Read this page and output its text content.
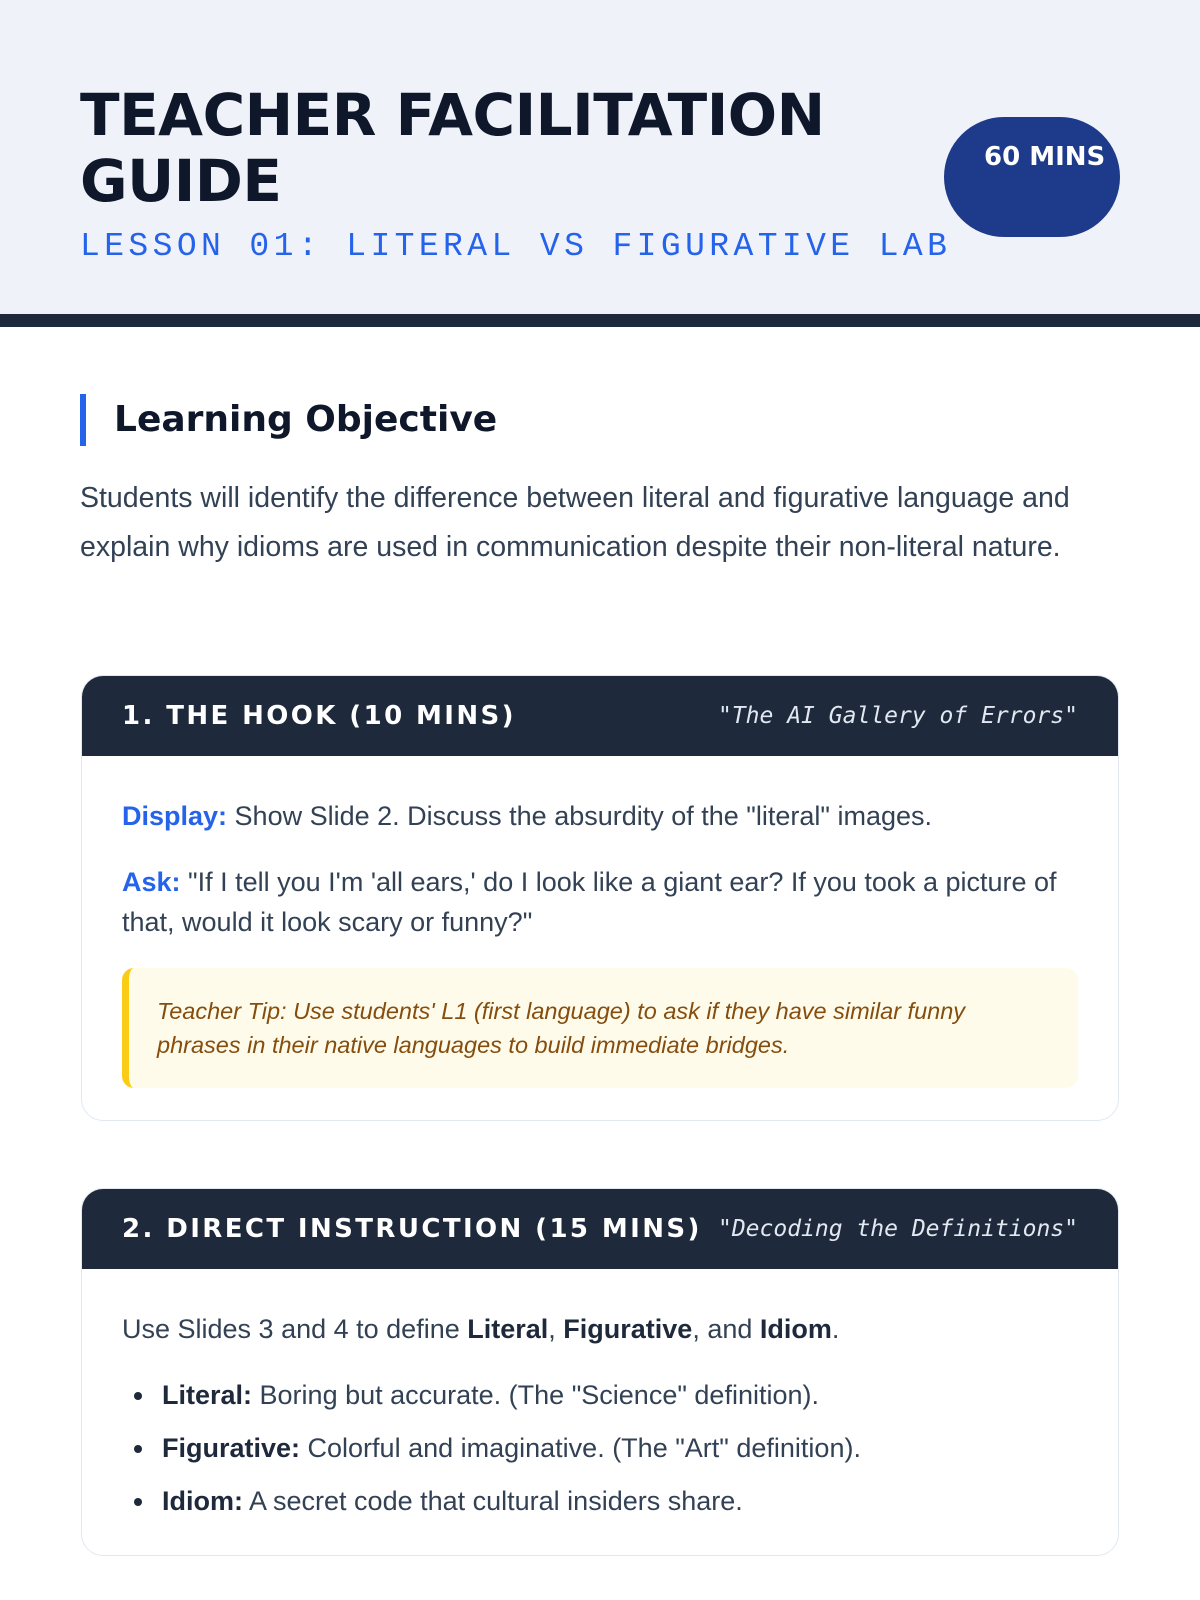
TEACHER FACILITATION GUIDE
LESSON 01: LITERAL VS FIGURATIVE LAB
60 MINS
Learning Objective

Students will identify the difference between literal and figurative language and explain why idioms are used in communication despite their non-literal nature.

1. THE HOOK (10 MINS)	"The AI Gallery of Errors"

Display: Show Slide 2. Discuss the absurdity of the "literal" images.

Ask: "If I tell you I'm 'all ears,' do I look like a giant ear? If you took a picture of that, would it look scary or funny?"

Teacher Tip: Use students' L1 (first language) to ask if they have similar funny phrases in their native languages to build immediate bridges.
2. DIRECT INSTRUCTION (15 MINS) "Decoding the Definitions"

Use Slides 3 and 4 to define Literal, Figurative, and Idiom.

Literal: Boring but accurate. (The "Science" definition).
Figurative: Colorful and imaginative. (The "Art" definition).
Idiom: A secret code that cultural insiders share.
